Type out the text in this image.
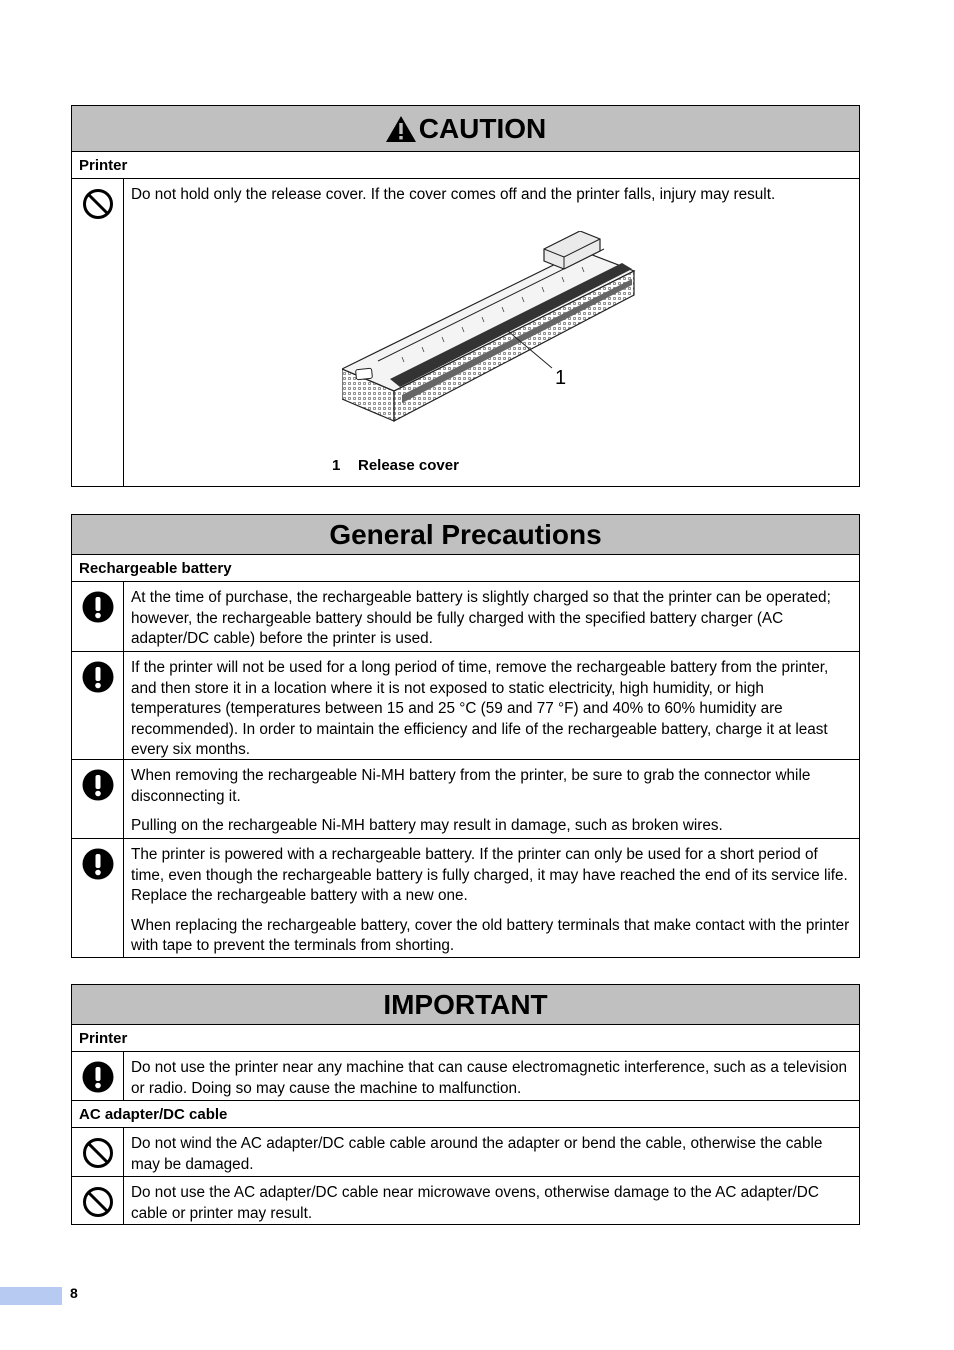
CAUTION
Printer

Do not hold only the release cover. If the cover comes off and the printer falls, injury may result.

1
1	Release cover
General Precautions
Rechargeable battery

At the time of purchase, the rechargeable battery is slightly charged so that the printer can be operated; however, the rechargeable battery should be fully charged with the specified battery charger (AC adapter/DC cable) before the printer is used.

If the printer will not be used for a long period of time, remove the rechargeable battery from the printer, and then store it in a location where it is not exposed to static electricity, high humidity, or high temperatures (temperatures between 15 and 25 °C (59 and 77 °F) and 40% to 60% humidity are recommended). In order to maintain the efficiency and life of the rechargeable battery, charge it at least every six months.

When removing the rechargeable Ni-MH battery from the printer, be sure to grab the connector while disconnecting it.

Pulling on the rechargeable Ni-MH battery may result in damage, such as broken wires.

The printer is powered with a rechargeable battery. If the printer can only be used for a short period of time, even though the rechargeable battery is fully charged, it may have reached the end of its service life. Replace the rechargeable battery with a new one.

When replacing the rechargeable battery, cover the old battery terminals that make contact with the printer with tape to prevent the terminals from shorting.

IMPORTANT
Printer

Do not use the printer near any machine that can cause electromagnetic interference, such as a television or radio. Doing so may cause the machine to malfunction.

AC adapter/DC cable

Do not wind the AC adapter/DC cable cable around the adapter or bend the cable, otherwise the cable may be damaged.

Do not use the AC adapter/DC cable near microwave ovens, otherwise damage to the AC adapter/DC cable or printer may result.

8
